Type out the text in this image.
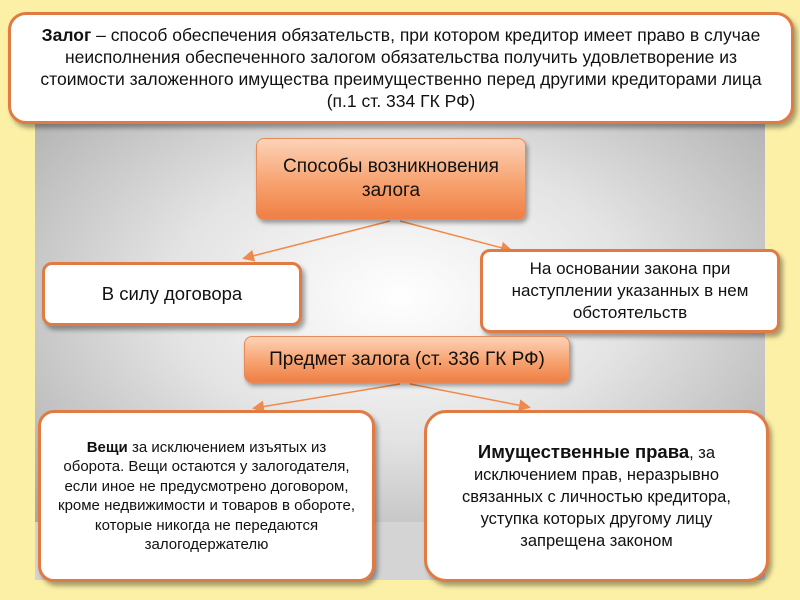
Залог – способ обеспечения обязательств, при котором кредитор имеет право в случае неисполнения обеспеченного залогом обязательства получить удовлетворение из стоимости заложенного имущества преимущественно перед другими кредиторами лица (п.1 ст. 334 ГК РФ)
Способы возникновения залога
В силу договора
На основании закона при наступлении указанных в нем обстоятельств
Предмет залога (ст. 336 ГК РФ)
Вещи за исключением изъятых из оборота. Вещи остаются у залогодателя, если иное не предусмотрено договором, кроме недвижимости и товаров в обороте, которые никогда не передаются залогодержателю
Имущественные права, за исключением прав, неразрывно связанных с личностью кредитора, уступка которых другому лицу запрещена законом
